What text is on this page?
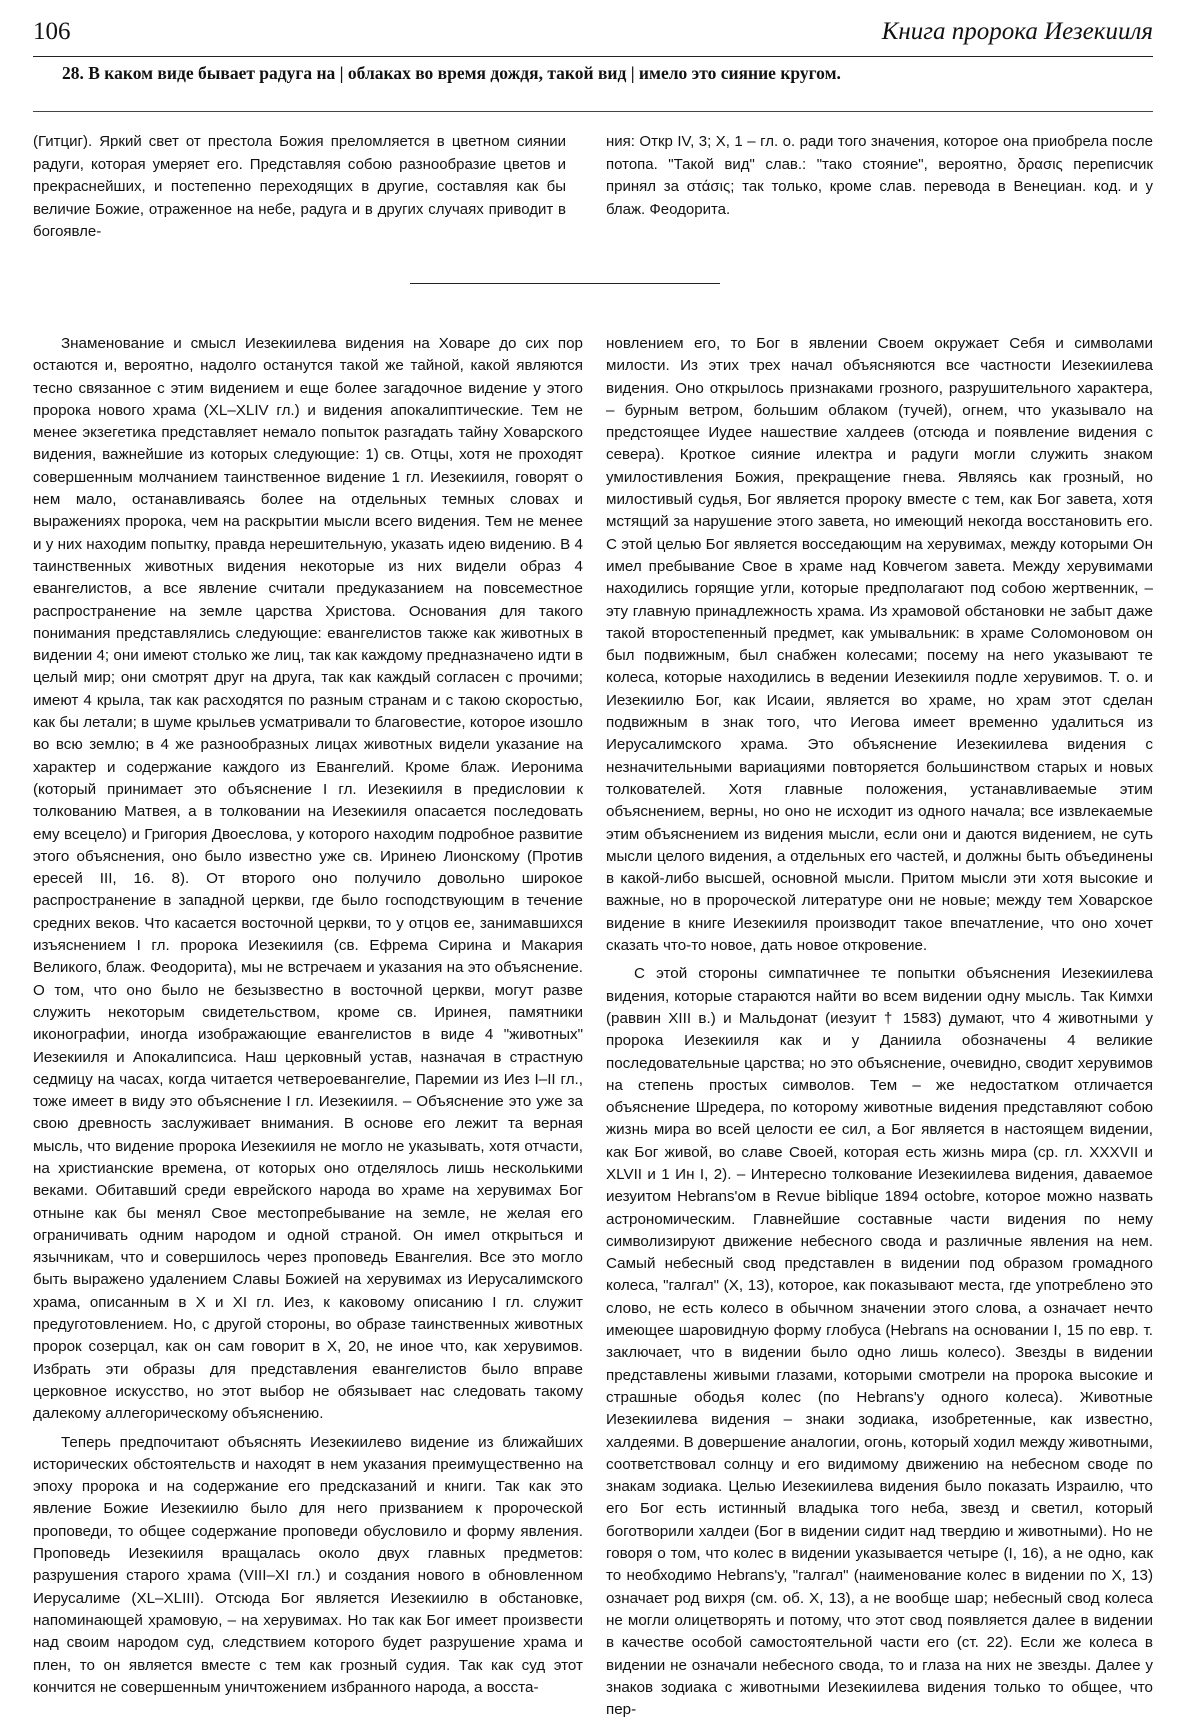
106	Книга пророка Иезекииля
28. В каком виде бывает радуга на | облаках во время дождя, такой вид | имело это сияние кругом.
(Гитциг). Яркий свет от престола Божия преломляется в цветном сиянии радуги, которая умеряет его. Представляя собою разнообразие цветов и прекраснейших, и постепенно переходящих в другие, составляя как бы величие Божие, отраженное на небе, радуга и в других случаях приводит в богоявле-
ния: Откр IV, 3; X, 1 – гл. о. ради того значения, которое она приобрела после потопа. "Такой вид" слав.: "тако стояние", вероятно, δρασις переписчик принял за στάσις; так только, кроме слав. перевода в Венециан. код. и у блаж. Феодорита.

Знаменование и смысл Иезекиилева видения на Ховаре до сих пор остаются и, вероятно, надолго останутся такой же тайной, какой являются тесно связанное с этим видением и еще более загадочное видение у этого пророка нового храма (XL–XLIV гл.) и видения апокалиптические. Тем не менее экзегетика представляет немало попыток разгадать тайну Ховарского видения, важнейшие из которых следующие: 1) св. Отцы, хотя не проходят совершенным молчанием таинственное видение 1 гл. Иезекииля, говорят о нем мало, останавливаясь более на отдельных темных словах и выражениях пророка, чем на раскрытии мысли всего видения. Тем не менее и у них находим попытку, правда нерешительную, указать идею видению. В 4 таинственных животных видения некоторые из них видели образ 4 евангелистов, а все явление считали предуказанием на повсеместное распространение на земле царства Христова. Основания для такого понимания представлялись следующие: евангелистов также как животных в видении 4; они имеют столько же лиц, так как каждому предназначено идти в целый мир; они смотрят друг на друга, так как каждый согласен с прочими; имеют 4 крыла, так как расходятся по разным странам и с такою скоростью, как бы летали; в шуме крыльев усматривали то благовестие, которое изошло во всю землю; в 4 же разнообразных лицах животных видели указание на характер и содержание каждого из Евангелий. Кроме блаж. Иеронима (который принимает это объяснение I гл. Иезекииля в предисловии к толкованию Матвея, а в толковании на Иезекииля опасается последовать ему всецело) и Григория Двоеслова, у которого находим подробное развитие этого объяснения, оно было известно уже св. Иринею Лионскому (Против ересей III, 16. 8). От второго оно получило довольно широкое распространение в западной церкви, где было господствующим в течение средних веков. Что касается восточной церкви, то у отцов ее, занимавшихся изъяснением I гл. пророка Иезекииля (св. Ефрема Сирина и Макария Великого, блаж. Феодорита), мы не встречаем и указания на это объяснение. О том, что оно было не безызвестно в восточной церкви, могут разве служить некоторым свидетельством, кроме св. Иринея, памятники иконографии, иногда изображающие евангелистов в виде 4 "животных" Иезекииля и Апокалипсиса. Наш церковный устав, назначая в страстную седмицу на часах, когда читается четвероевангелие, Паремии из Иез I–II гл., тоже имеет в виду это объяснение I гл. Иезекииля. – Объяснение это уже за свою древность заслуживает внимания. В основе его лежит та верная мысль, что видение пророка Иезекииля не могло не указывать, хотя отчасти, на христианские времена, от которых оно отделялось лишь несколькими веками. Обитавший среди еврейского народа во храме на херувимах Бог отныне как бы менял Свое местопребывание на земле, не желая его ограничивать одним народом и одной страной. Он имел открыться и язычникам, что и совершилось через проповедь Евангелия. Все это могло быть выражено удалением Славы Божией на херувимах из Иерусалимского храма, описанным в X и XI гл. Иез, к каковому описанию I гл. служит предуготовлением. Но, с другой стороны, во образе таинственных животных пророк созерцал, как он сам говорит в X, 20, не иное что, как херувимов. Избрать эти образы для представления евангелистов было вправе церковное искусство, но этот выбор не обязывает нас следовать такому далекому аллегорическому объяснению.

Теперь предпочитают объяснять Иезекиилево видение из ближайших исторических обстоятельств и находят в нем указания преимущественно на эпоху пророка и на содержание его предсказаний и книги. Так как это явление Божие Иезекиилю было для него призванием к пророческой проповеди, то общее содержание проповеди обусловило и форму явления. Проповедь Иезекииля вращалась около двух главных предметов: разрушения старого храма (VIII–XI гл.) и создания нового в обновленном Иерусалиме (XL–XLIII). Отсюда Бог является Иезекиилю в обстановке, напоминающей храмовую, – на херувимах. Но так как Бог имеет произвести над своим народом суд, следствием которого будет разрушение храма и плен, то он является вместе с тем как грозный судия. Так как суд этот кончится не совершенным уничтожением избранного народа, а восста-

новлением его, то Бог в явлении Своем окружает Себя и символами милости. Из этих трех начал объясняются все частности Иезекиилева видения. Оно открылось признаками грозного, разрушительного характера, – бурным ветром, большим облаком (тучей), огнем, что указывало на предстоящее Иудее нашествие халдеев (отсюда и появление видения с севера). Кроткое сияние илектра и радуги могли служить знаком умилостивления Божия, прекращение гнева. Являясь как грозный, но милостивый судья, Бог является пророку вместе с тем, как Бог завета, хотя мстящий за нарушение этого завета, но имеющий некогда восстановить его. С этой целью Бог является восседающим на херувимах, между которыми Он имел пребывание Свое в храме над Ковчегом завета. Между херувимами находились горящие угли, которые предполагают под собою жертвенник, – эту главную принадлежность храма. Из храмовой обстановки не забыт даже такой второстепенный предмет, как умывальник: в храме Соломоновом он был подвижным, был снабжен колесами; посему на него указывают те колеса, которые находились в ведении Иезекииля подле херувимов. Т. о. и Иезекиилю Бог, как Исаии, является во храме, но храм этот сделан подвижным в знак того, что Иегова имеет временно удалиться из Иерусалимского храма. Это объяснение Иезекиилева видения с незначительными вариациями повторяется большинством старых и новых толкователей. Хотя главные положения, устанавливаемые этим объяснением, верны, но оно не исходит из одного начала; все извлекаемые этим объяснением из видения мысли, если они и даются видением, не суть мысли целого видения, а отдельных его частей, и должны быть объединены в какой-либо высшей, основной мысли. Притом мысли эти хотя высокие и важные, но в пророческой литературе они не новые; между тем Ховарское видение в книге Иезекииля производит такое впечатление, что оно хочет сказать что-то новое, дать новое откровение.

С этой стороны симпатичнее те попытки объяснения Иезекиилева видения, которые стараются найти во всем видении одну мысль. Так Кимхи (раввин XIII в.) и Мальдонат (иезуит † 1583) думают, что 4 животными у пророка Иезекииля как и у Даниила обозначены 4 великие последовательные царства; но это объяснение, очевидно, сводит херувимов на степень простых символов. Тем – же недостатком отличается объяснение Шредера, по которому животные видения представляют собою жизнь мира во всей целости ее сил, а Бог является в настоящем видении, как Бог живой, во славе Своей, которая есть жизнь мира (ср. гл. XXXVII и XLVII и 1 Ин I, 2). – Интересно толкование Иезекиилева видения, даваемое иезуитом Hebrans'ом в Revue biblique 1894 octobre, которое можно назвать астрономическим. Главнейшие составные части видения по нему символизируют движение небесного свода и различные явления на нем. Самый небесный свод представлен в видении под образом громадного колеса, "галгал" (X, 13), которое, как показывают места, где употреблено это слово, не есть колесо в обычном значении этого слова, а означает нечто имеющее шаровидную форму глобуса (Hebrans на основании I, 15 по евр. т. заключает, что в видении было одно лишь колесо). Звезды в видении представлены живыми глазами, которыми смотрели на пророка высокие и страшные ободья колес (по Hebrans'у одного колеса). Животные Иезекиилева видения – знаки зодиака, изобретенные, как известно, халдеями. В довершение аналогии, огонь, который ходил между животными, соответствовал солнцу и его видимому движению на небесном своде по знакам зодиака. Целью Иезекиилева видения было показать Израилю, что его Бог есть истинный владыка того неба, звезд и светил, который боготворили халдеи (Бог в видении сидит над твердию и животными). Но не говоря о том, что колес в видении указывается четыре (I, 16), а не одно, как то необходимо Hebrans'у, "галгал" (наименование колес в видении по X, 13) означает род вихря (см. об. X, 13), а не вообще шар; небесный свод колеса не могли олицетворять и потому, что этот свод появляется далее в видении в качестве особой самостоятельной части его (ст. 22). Если же колеса в видении не означали небесного свода, то и глаза на них не звезды. Далее у знаков зодиака с животными Иезекиилева видения только то общее, что пер-
